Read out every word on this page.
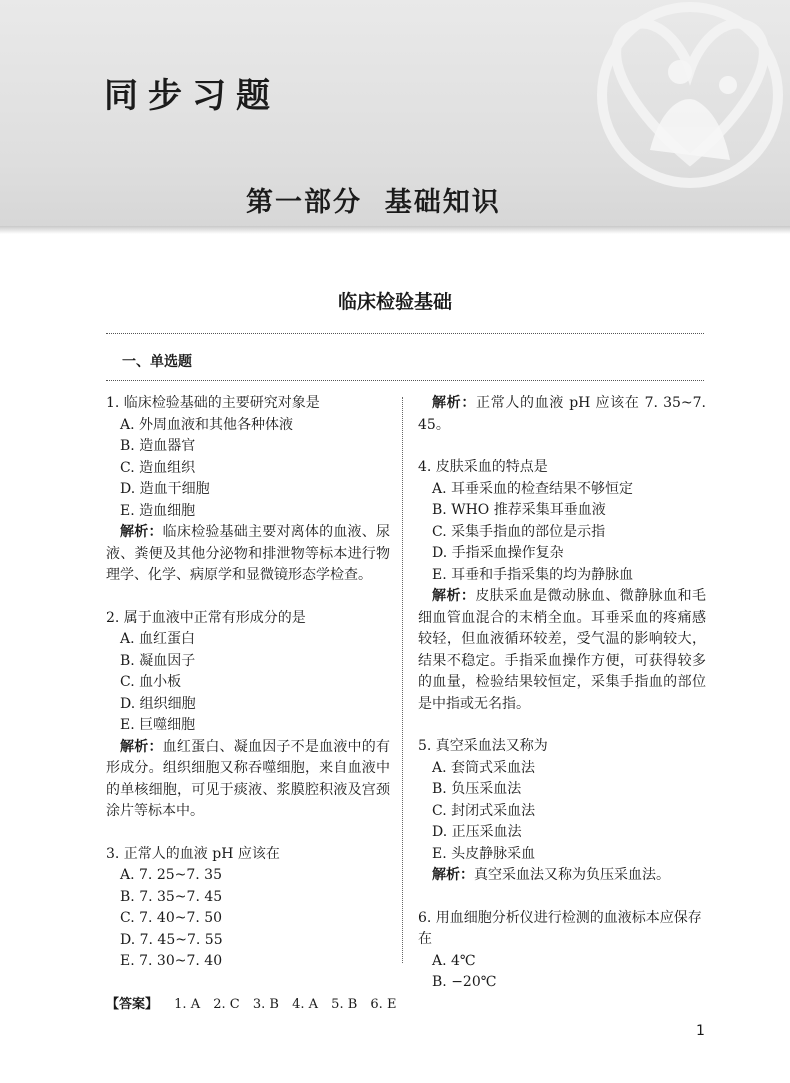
同步习题
第一部分  基础知识
临床检验基础
一、单选题
1. 临床检验基础的主要研究对象是
A. 外周血液和其他各种体液
B. 造血器官
C. 造血组织
D. 造血干细胞
E. 造血细胞
解析：临床检验基础主要对离体的血液、尿液、粪便及其他分泌物和排泄物等标本进行物理学、化学、病原学和显微镜形态学检查。
2. 属于血液中正常有形成分的是
A. 血红蛋白
B. 凝血因子
C. 血小板
D. 组织细胞
E. 巨噬细胞
解析：血红蛋白、凝血因子不是血液中的有形成分。组织细胞又称吞噬细胞，来自血液中的单核细胞，可见于痰液、浆膜腔积液及宫颈涂片等标本中。
3. 正常人的血液 pH 应该在
A. 7. 25~7. 35
B. 7. 35~7. 45
C. 7. 40~7. 50
D. 7. 45~7. 55
E. 7. 30~7. 40
解析：正常人的血液 pH 应该在 7. 35~7. 45。
4. 皮肤采血的特点是
A. 耳垂采血的检查结果不够恒定
B. WHO 推荐采集耳垂血液
C. 采集手指血的部位是示指
D. 手指采血操作复杂
E. 耳垂和手指采集的均为静脉血
解析：皮肤采血是微动脉血、微静脉血和毛细血管血混合的末梢全血。耳垂采血的疼痛感较轻，但血液循环较差，受气温的影响较大，结果不稳定。手指采血操作方便，可获得较多的血量，检验结果较恒定，采集手指血的部位是中指或无名指。
5. 真空采血法又称为
A. 套筒式采血法
B. 负压采血法
C. 封闭式采血法
D. 正压采血法
E. 头皮静脉采血
解析：真空采血法又称为负压采血法。
6. 用血细胞分析仪进行检测的血液标本应保存在
A. 4℃
B. −20℃
【答案】 1. A 2. C 3. B 4. A 5. B 6. E
1
